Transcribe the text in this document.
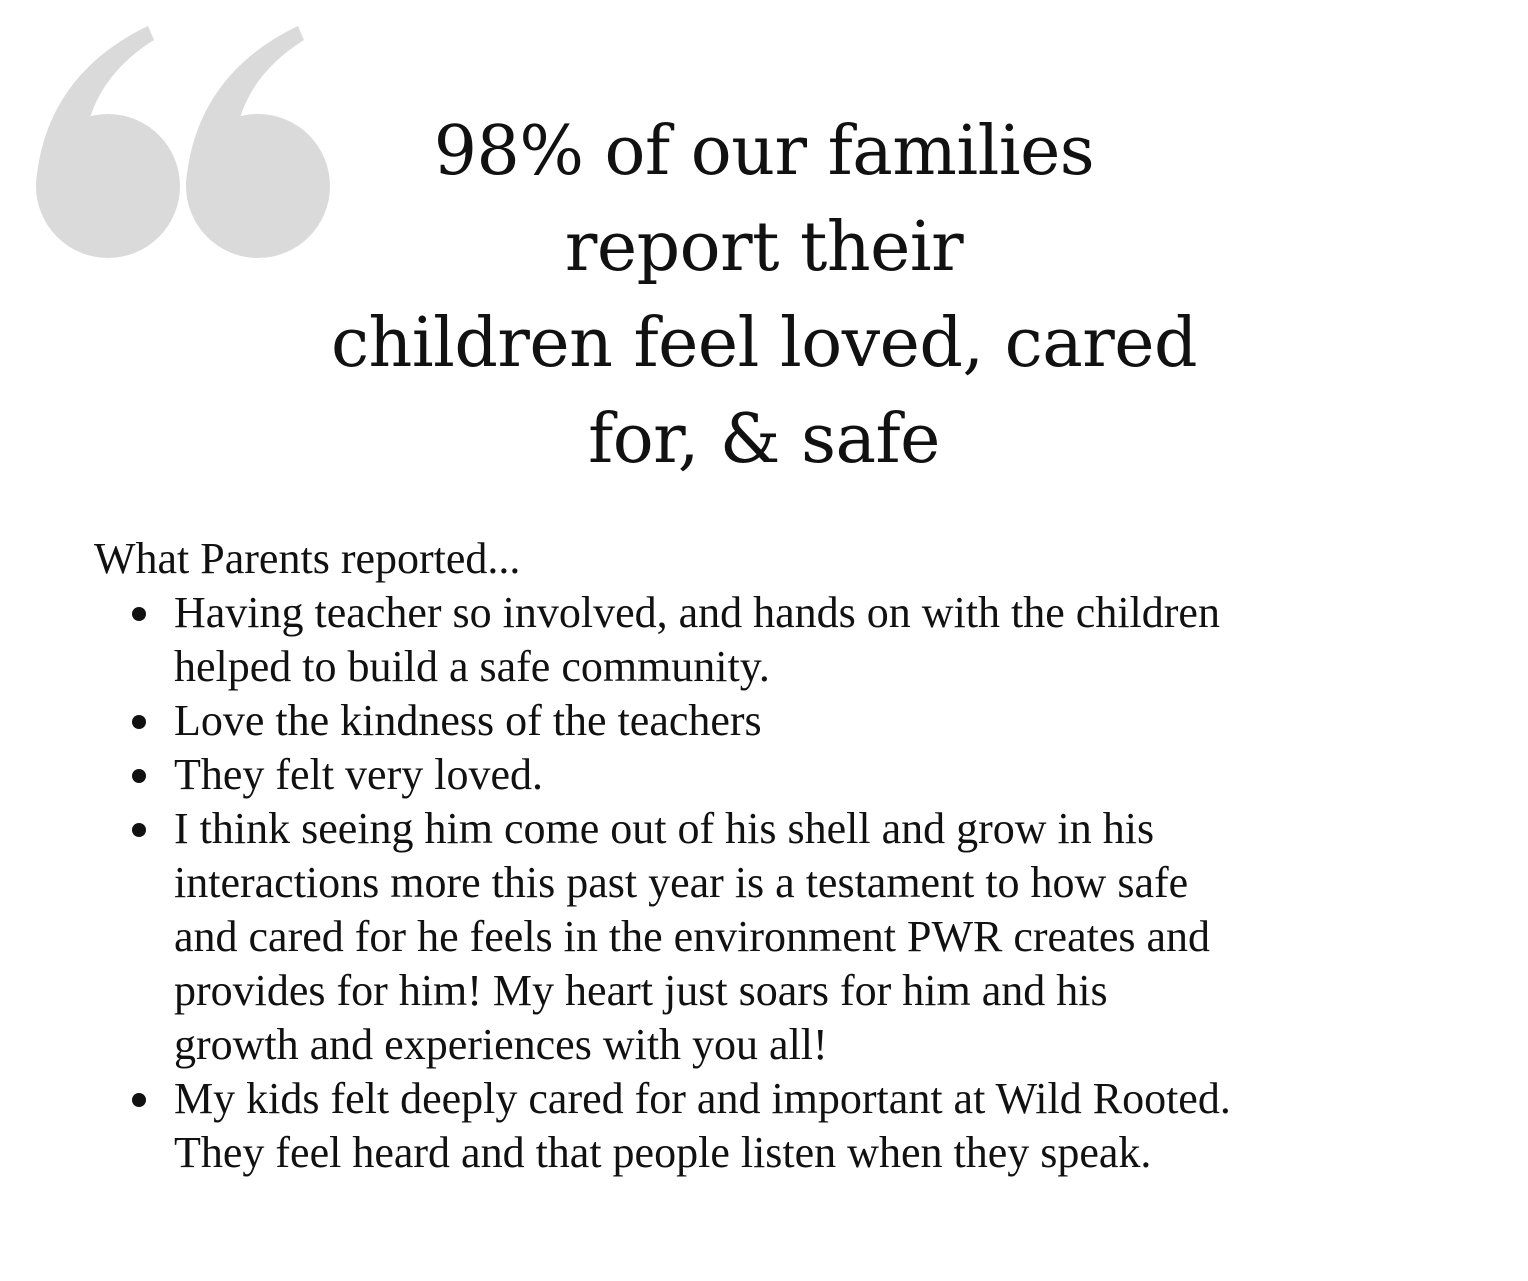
98% of our families
report their
children feel loved, cared
for, & safe
What Parents reported...
Having teacher so involved, and hands on with the children
helped to build a safe community.
Love the kindness of the teachers
They felt very loved.
I think seeing him come out of his shell and grow in his
interactions more this past year is a testament to how safe
and cared for he feels in the environment PWR creates and
provides for him! My heart just soars for him and his
growth and experiences with you all!
My kids felt deeply cared for and important at Wild Rooted.
They feel heard and that people listen when they speak.
